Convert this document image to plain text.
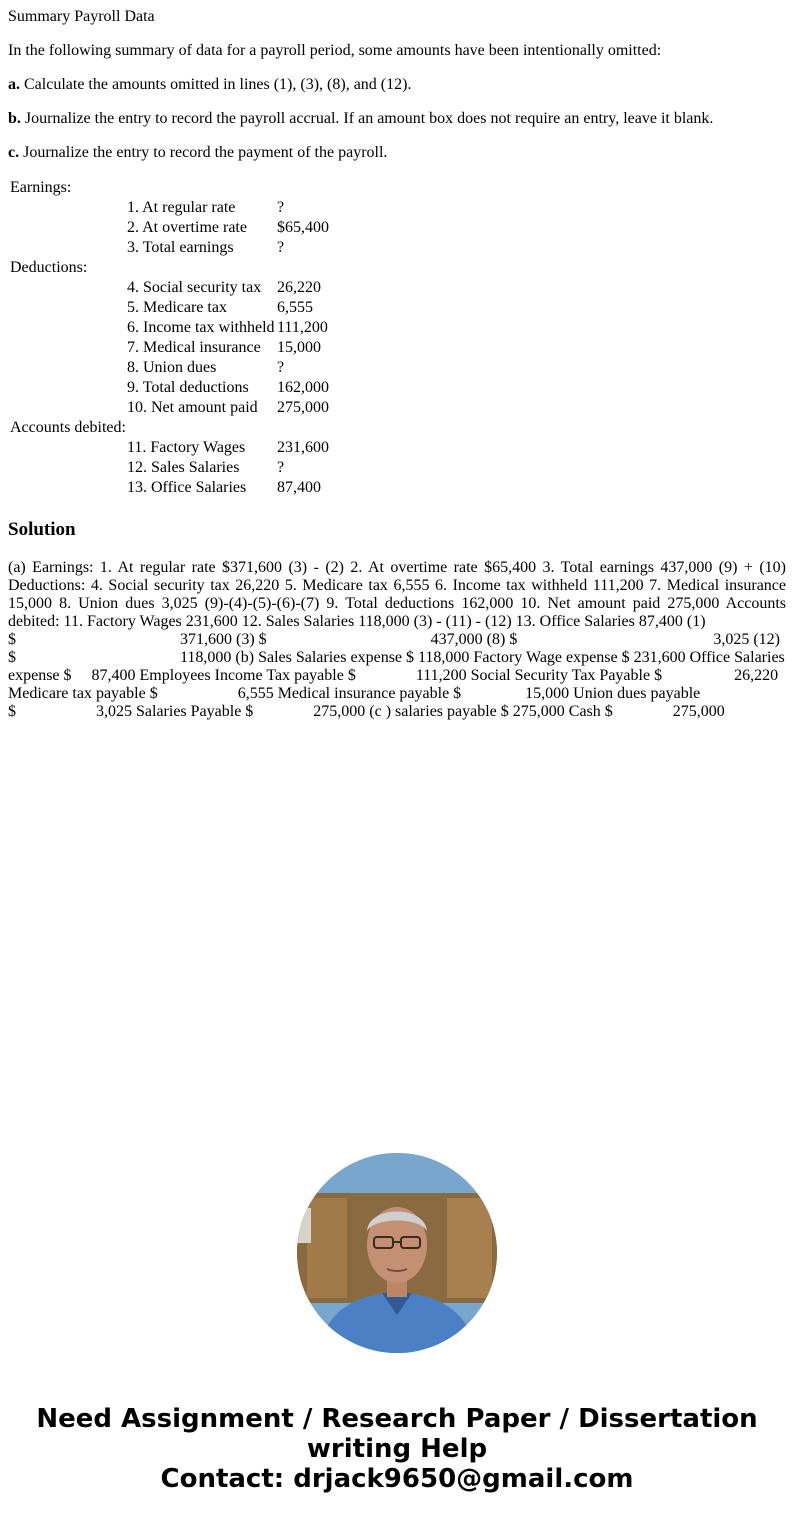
Summary Payroll Data

In the following summary of data for a payroll period, some amounts have been intentionally omitted:

a. Calculate the amounts omitted in lines (1), (3), (8), and (12).

b. Journalize the entry to record the payroll accrual. If an amount box does not require an entry, leave it blank.

c. Journalize the entry to record the payment of the payroll.

Earnings:		
	1. At regular rate	?
	2. At overtime rate	$65,400
	3. Total earnings	?
Deductions:		
	4. Social security tax	26,220
	5. Medicare tax	6,555
	6. Income tax withheld	111,200
	7. Medical insurance	15,000
	8. Union dues	?
	9. Total deductions	162,000
	10. Net amount paid	275,000
Accounts debited:		
	11. Factory Wages	231,600
	12. Sales Salaries	?
	13. Office Salaries	87,400
Solution

(a) Earnings: 1. At regular rate $371,600 (3) - (2) 2. At overtime rate $65,400 3. Total earnings 437,000 (9) + (10) Deductions: 4. Social security tax 26,220 5. Medicare tax 6,555 6. Income tax withheld 111,200 7. Medical insurance 15,000 8. Union dues 3,025 (9)-(4)-(5)-(6)-(7) 9. Total deductions 162,000 10. Net amount paid 275,000 Accounts debited: 11. Factory Wages 231,600 12. Sales Salaries 118,000 (3) - (11) - (12) 13. Office Salaries 87,400 (1)
$                                         371,600 (3) $                                         437,000 (8) $                                                 3,025 (12)
$                                         118,000 (b) Sales Salaries expense $ 118,000 Factory Wage expense $ 231,600 Office Salaries
expense $     87,400 Employees Income Tax payable $               111,200 Social Security Tax Payable $                  26,220
Medicare tax payable $                    6,555 Medical insurance payable $                15,000 Union dues payable
$                    3,025 Salaries Payable $               275,000 (c ) salaries payable $ 275,000 Cash $               275,000

Need Assignment / Research Paper / Dissertation
writing Help
Contact: drjack9650@gmail.com
